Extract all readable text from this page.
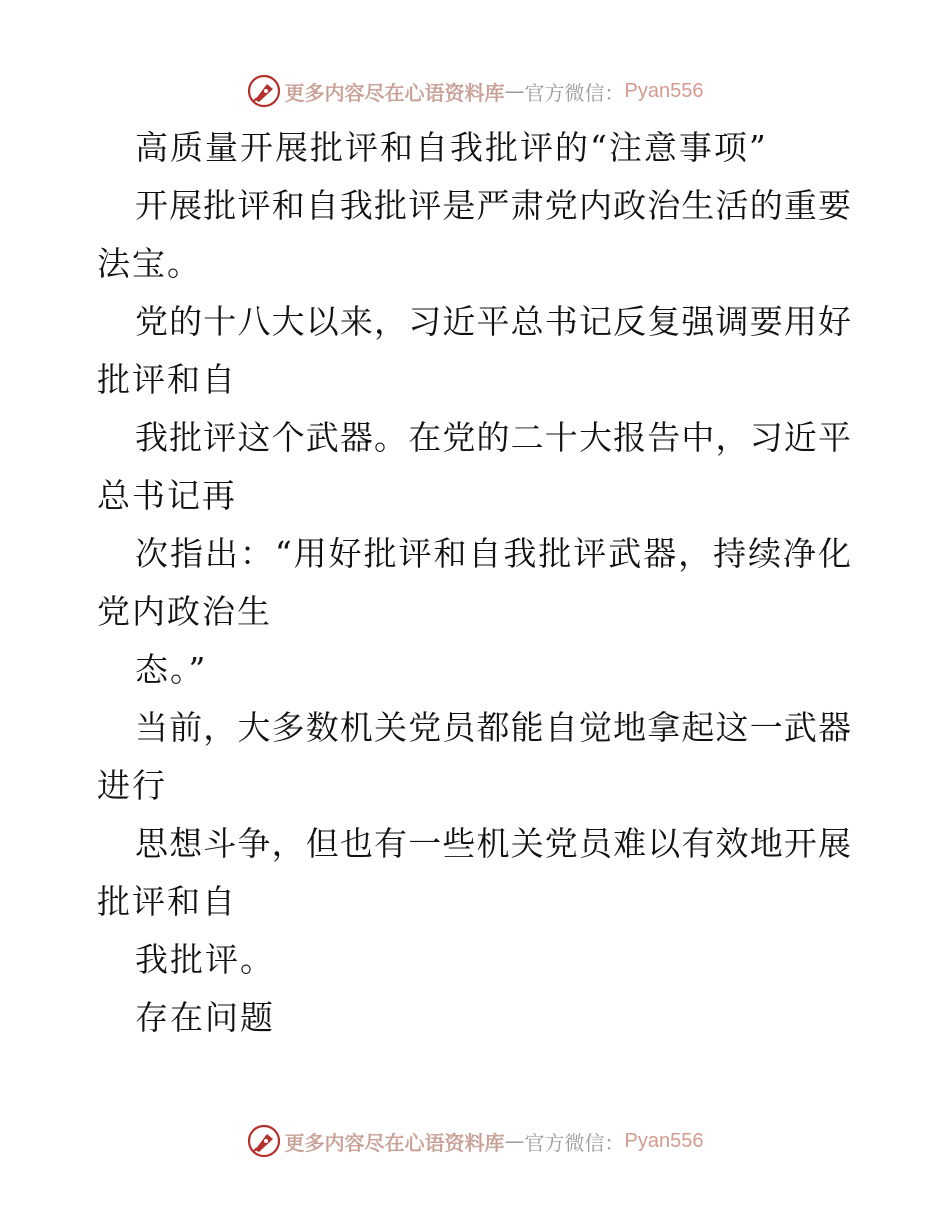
更多内容尽在心语资料库 — 官方微信： Pyan556

高质量开展批评和自我批评的“注意事项”

开展批评和自我批评是严肃党内政治生活的重要

法宝。

党的十八大以来，习近平总书记反复强调要用好

批评和自

我批评这个武器。在党的二十大报告中，习近平

总书记再

次指出：“用好批评和自我批评武器，持续净化

党内政治生

态。”

当前，大多数机关党员都能自觉地拿起这一武器

进行

思想斗争，但也有一些机关党员难以有效地开展

批评和自

我批评。

存在问题

更多内容尽在心语资料库 — 官方微信： Pyan556
